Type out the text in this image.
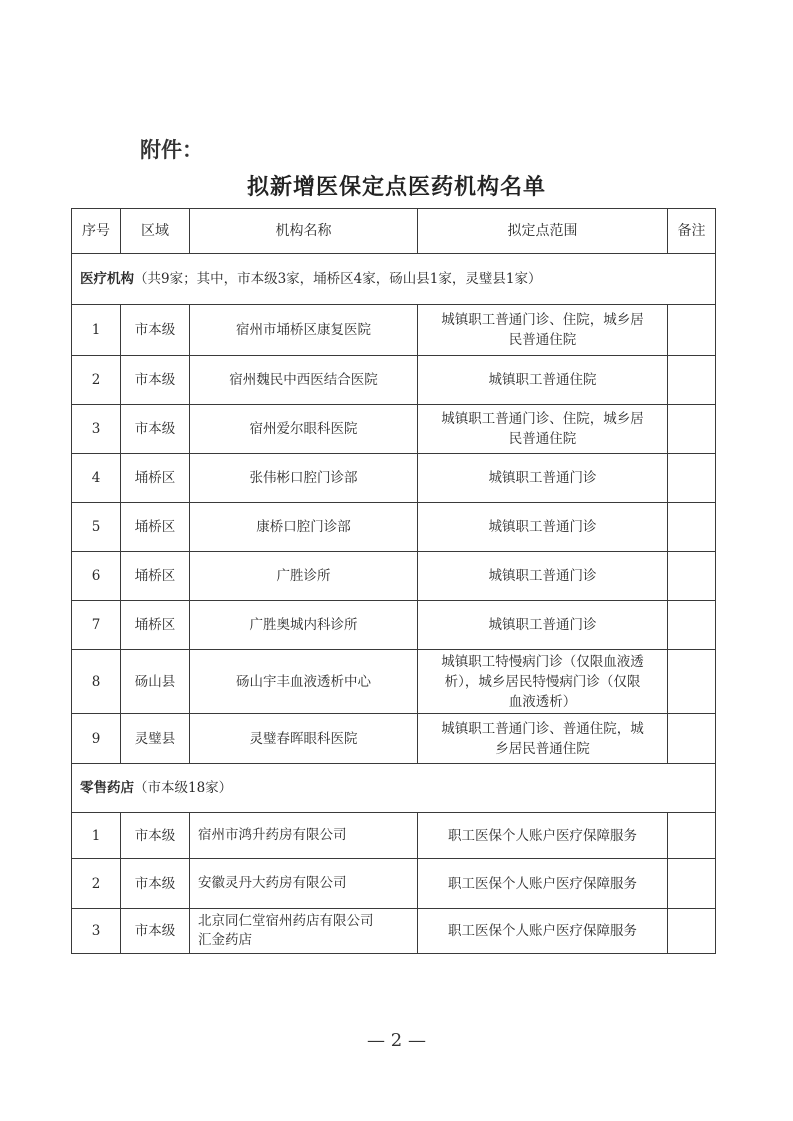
附件：
拟新增医保定点医药机构名单
序号	区域	机构名称	拟定点范围	备注
医疗机构（共9家；其中，市本级3家，埇桥区4家，砀山县1家，灵璧县1家）				
1	市本级	宿州市埇桥区康复医院	城镇职工普通门诊、住院，城乡居
民普通住院	

2	市本级	宿州魏民中西医结合医院	城镇职工普通住院	

3	市本级	宿州爱尔眼科医院	城镇职工普通门诊、住院，城乡居
民普通住院	

4	埇桥区	张伟彬口腔门诊部	城镇职工普通门诊	

5	埇桥区	康桥口腔门诊部	城镇职工普通门诊	

6	埇桥区	广胜诊所	城镇职工普通门诊	

7	埇桥区	广胜奥城内科诊所	城镇职工普通门诊	

8	砀山县	砀山宇丰血液透析中心	城镇职工特慢病门诊（仅限血液透
析），城乡居民特慢病门诊（仅限
血液透析）	

9	灵璧县	灵璧春晖眼科医院	城镇职工普通门诊、普通住院，城
乡居民普通住院	

零售药店（市本级18家）				
1	市本级	宿州市鸿升药房有限公司	职工医保个人账户医疗保障服务	
2	市本级	安徽灵丹大药房有限公司	职工医保个人账户医疗保障服务	
3	市本级	北京同仁堂宿州药店有限公司
汇金药店	职工医保个人账户医疗保障服务	
— 2 —
